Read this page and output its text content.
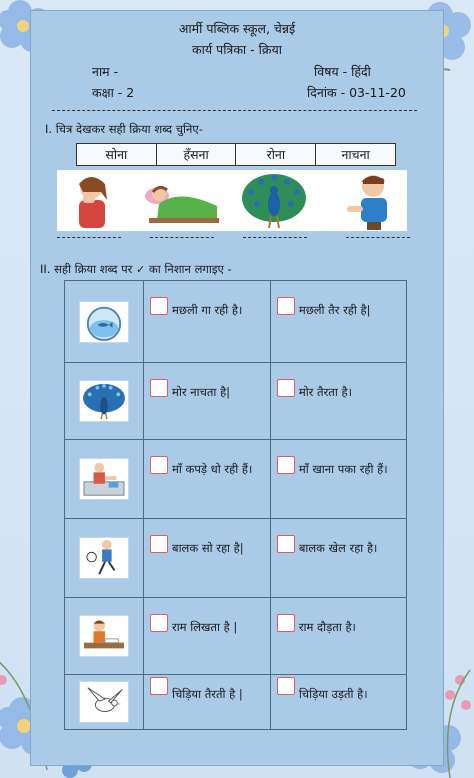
आर्मी पब्लिक स्कूल, चेन्नई
कार्य पत्रिका - क्रिया
नाम -	विषय - हिंदी
कक्षा - 2	दिनांक - 03-11-20
I. चित्र देखकर सही क्रिया शब्द चुनिए-
सोना	हँसना	रोना	नाचना
II. सही क्रिया शब्द पर ✓ का निशान लगाइए -

मछली गा रही है।	मछली तैर रही है|

मोर नाचता है|	मोर तैरता है।

माँ कपड़े धो रही हैं।	माँ खाना पका रही हैं।

बालक सो रहा है|	बालक खेल रहा है।

राम लिखता है |	राम दौड़ता है।

चिड़िया तैरती है |	चिड़िया उड़ती है।
